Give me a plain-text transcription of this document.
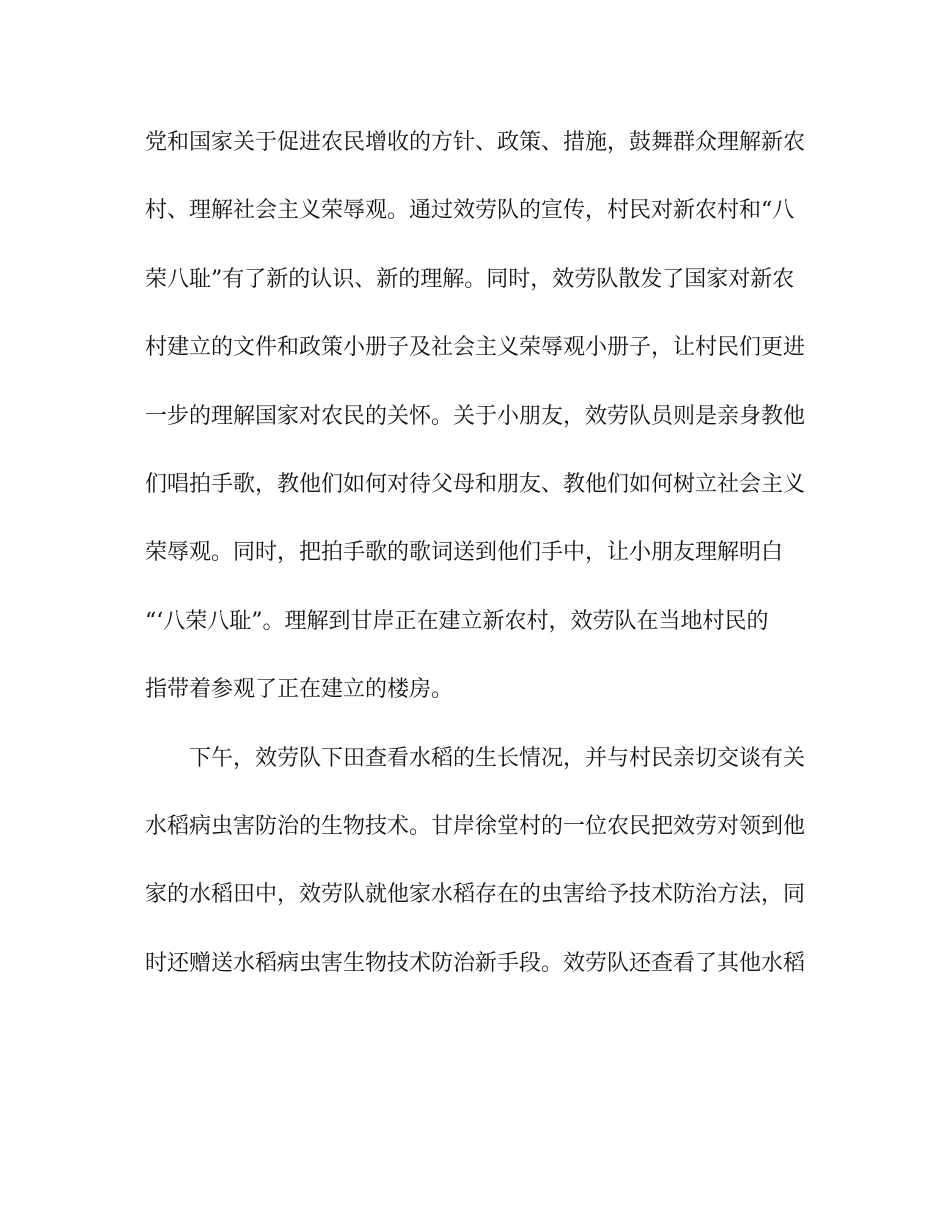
党和国家关于促进农民增收的方针、政策、措施，鼓舞群众理解新农
村、理解社会主义荣辱观。通过效劳队的宣传，村民对新农村和“八
荣八耻”有了新的认识、新的理解。同时，效劳队散发了国家对新农
村建立的文件和政策小册子及社会主义荣辱观小册子，让村民们更进
一步的理解国家对农民的关怀。关于小朋友，效劳队员则是亲身教他
们唱拍手歌，教他们如何对待父母和朋友、教他们如何树立社会主义
荣辱观。同时，把拍手歌的歌词送到他们手中，让小朋友理解明白
“‘八荣八耻”。理解到甘岸正在建立新农村，效劳队在当地村民的
指带着参观了正在建立的楼房。
下午，效劳队下田查看水稻的生长情况，并与村民亲切交谈有关
水稻病虫害防治的生物技术。甘岸徐堂村的一位农民把效劳对领到他
家的水稻田中，效劳队就他家水稻存在的虫害给予技术防治方法，同
时还赠送水稻病虫害生物技术防治新手段。效劳队还查看了其他水稻
